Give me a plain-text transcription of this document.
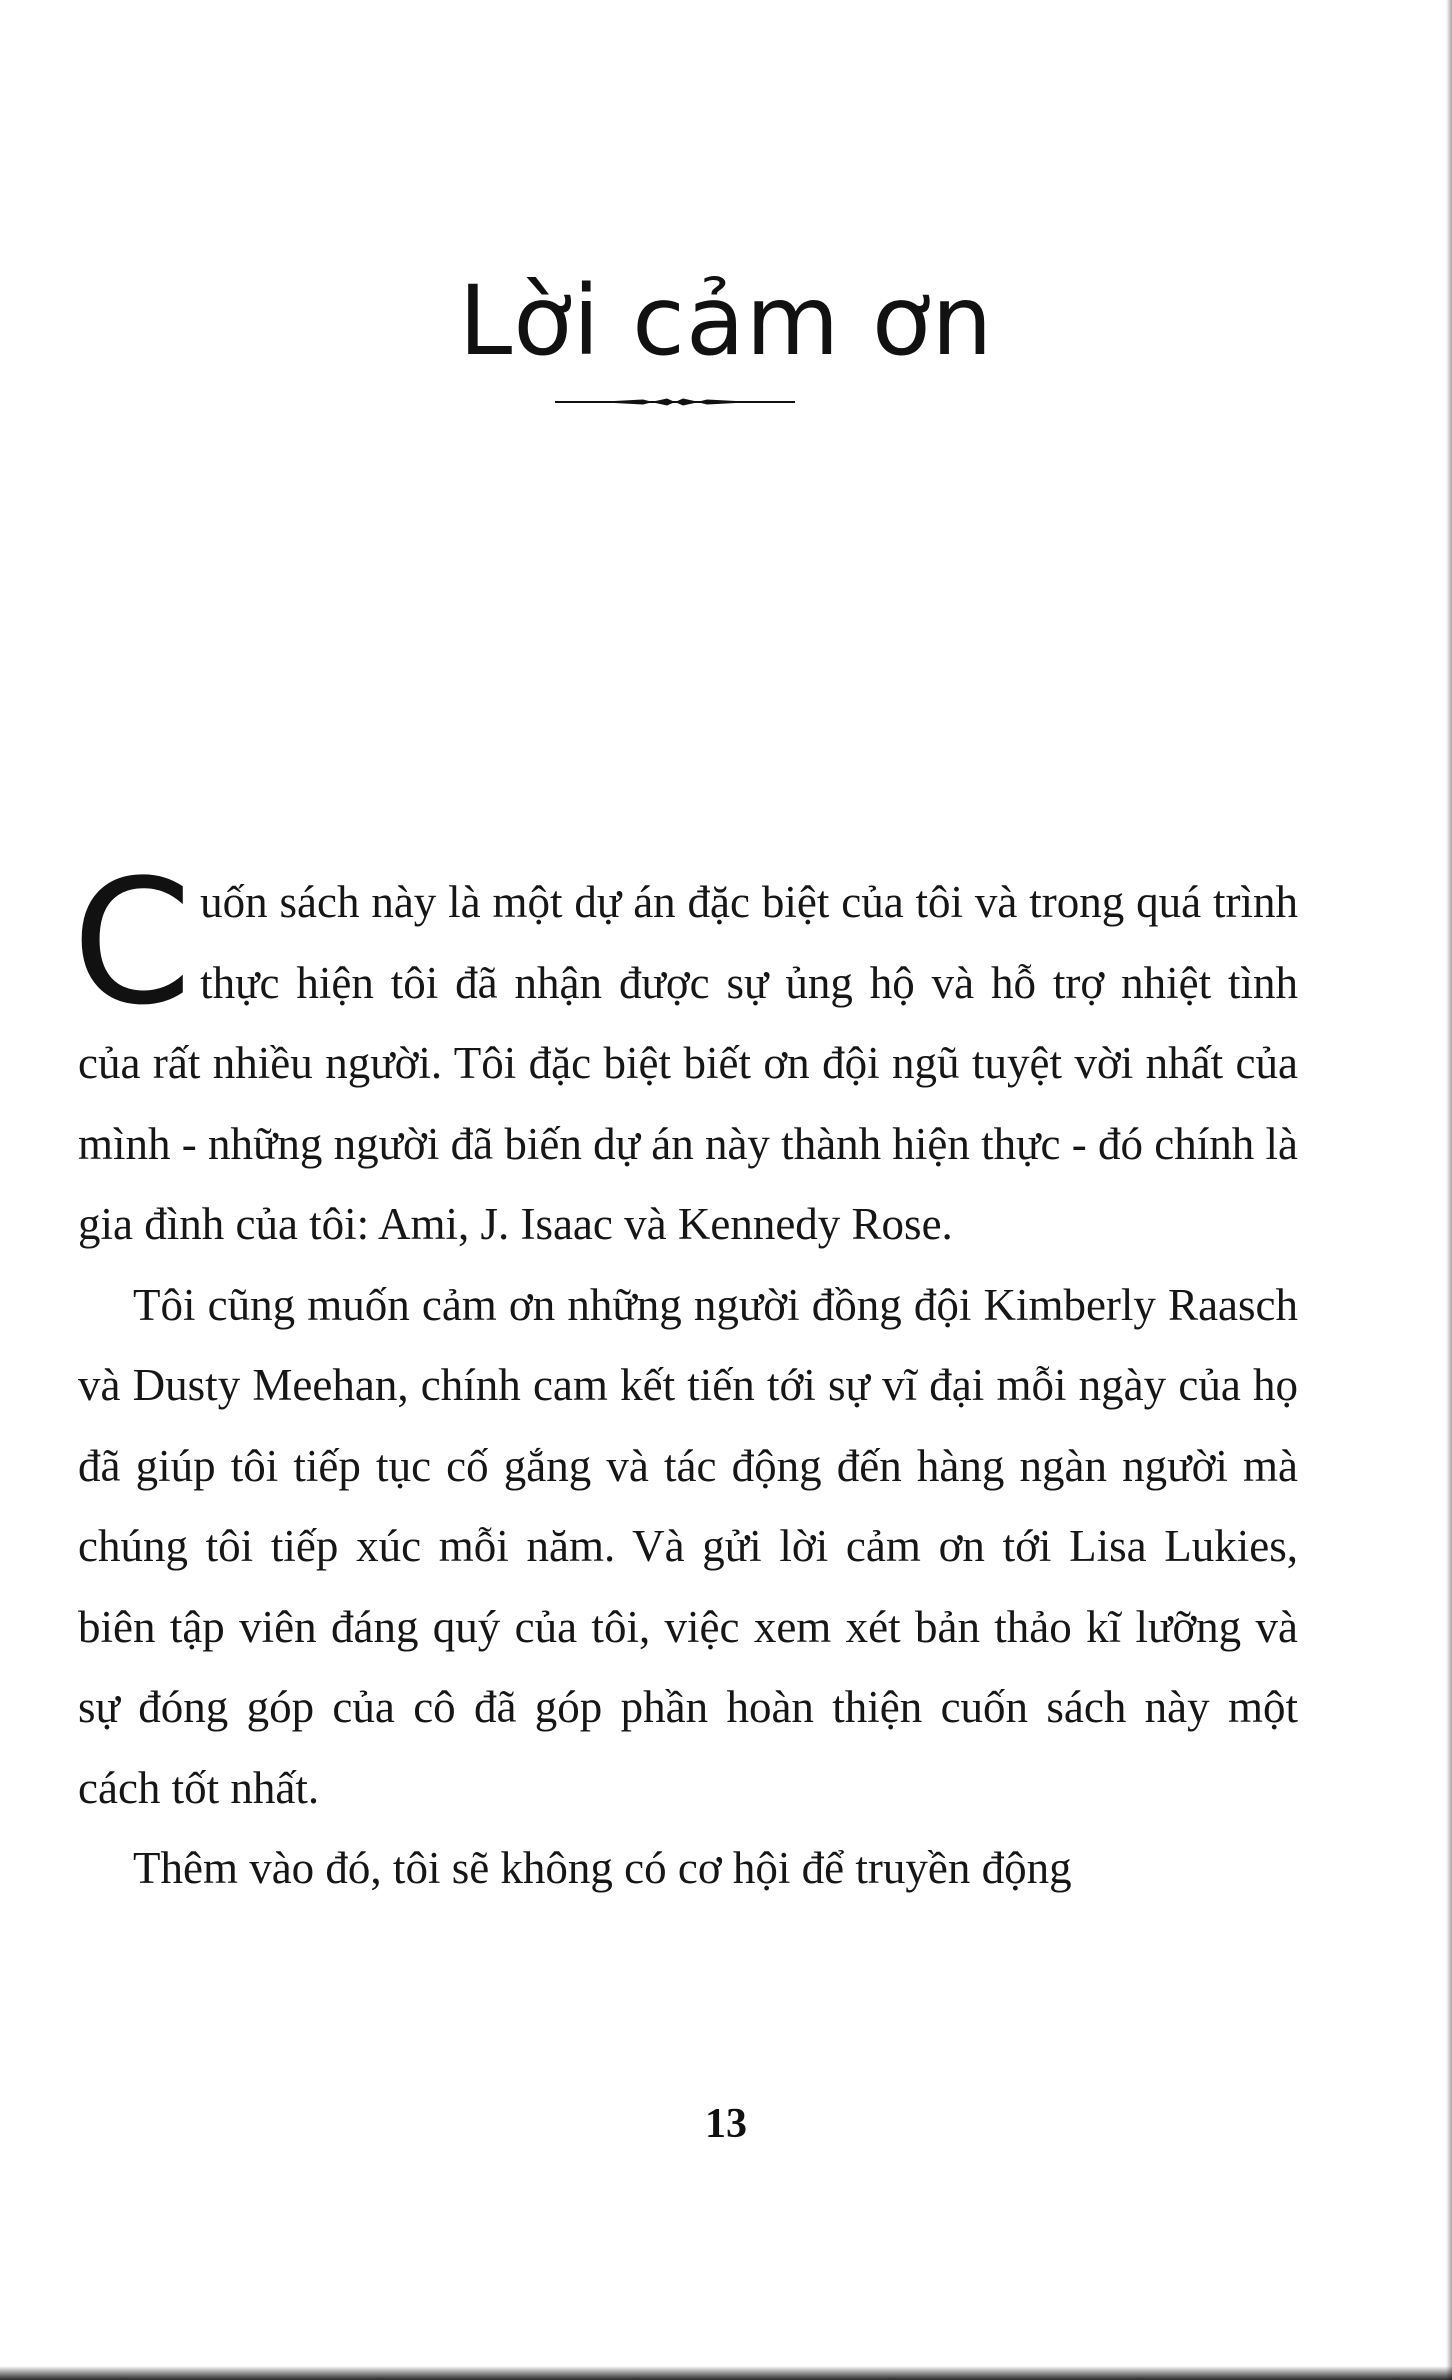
Lời cảm ơn

Cuốn sách này là một dự án đặc biệt của tôi và trong quá trình thực hiện tôi đã nhận được sự ủng hộ và hỗ trợ nhiệt tình của rất nhiều người. Tôi đặc biệt biết ơn đội ngũ tuyệt vời nhất của mình - những người đã biến dự án này thành hiện thực - đó chính là gia đình của tôi: Ami, J. Isaac và Kennedy Rose.

Tôi cũng muốn cảm ơn những người đồng đội Kimberly Raasch và Dusty Meehan, chính cam kết tiến tới sự vĩ đại mỗi ngày của họ đã giúp tôi tiếp tục cố gắng và tác động đến hàng ngàn người mà chúng tôi tiếp xúc mỗi năm. Và gửi lời cảm ơn tới Lisa Lukies, biên tập viên đáng quý của tôi, việc xem xét bản thảo kĩ lưỡng và sự đóng góp của cô đã góp phần hoàn thiện cuốn sách này một cách tốt nhất.

Thêm vào đó, tôi sẽ không có cơ hội để truyền động

13
